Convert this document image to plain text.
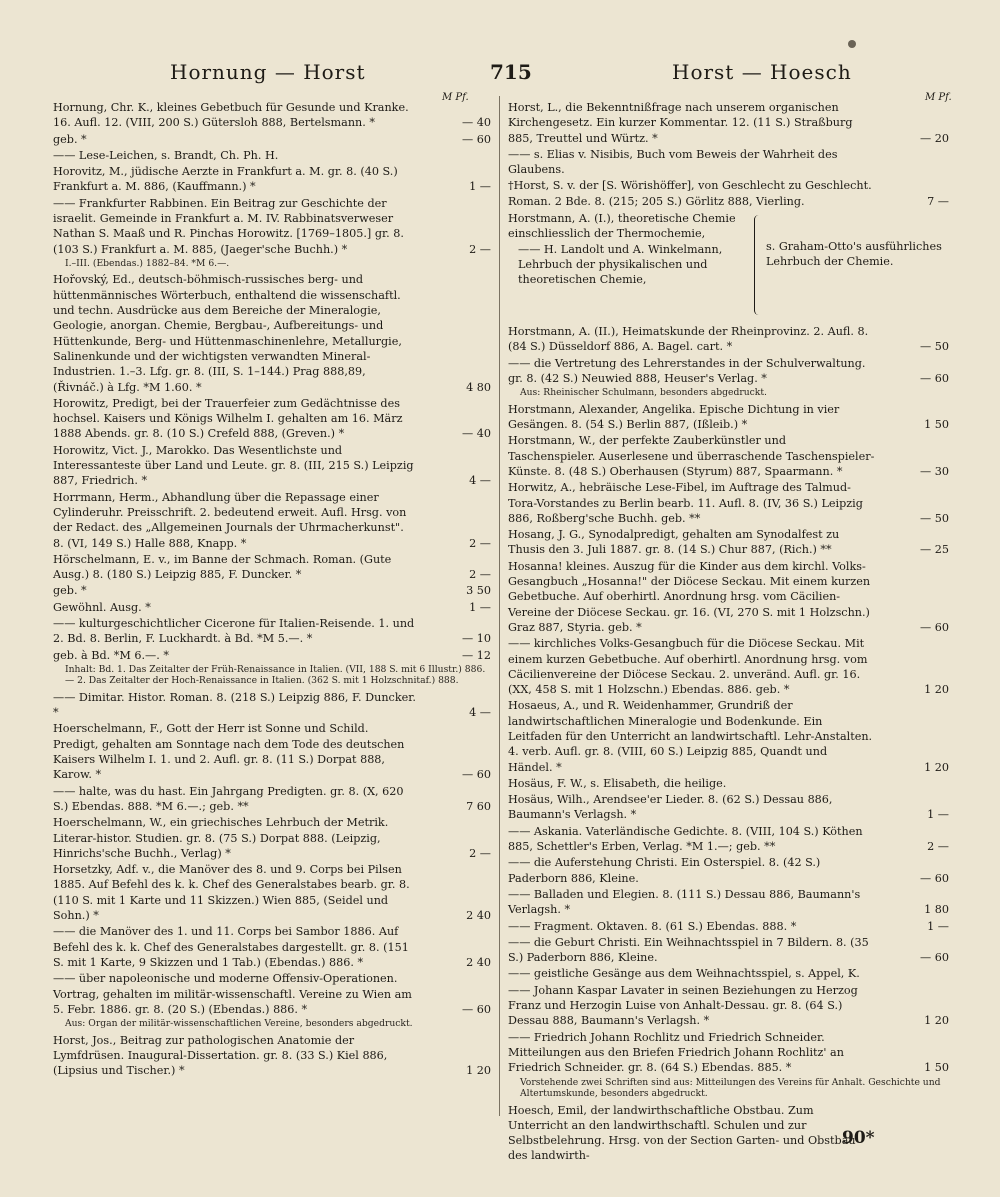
Hornung — Horst	715	Horst — Hoesch
M Pf.	M Pf.
Hornung, Chr. K., kleines Gebetbuch für Gesunde und Kranke. 16. Aufl. 12. (VIII, 200 S.) Gütersloh 888, Bertelsmann. *	— 40
geb. *	— 60
—— Lese-Leichen, s. Brandt, Ch. Ph. H.
Horovitz, M., jüdische Aerzte in Frankfurt a. M. gr. 8. (40 S.) Frankfurt a. M. 886, (Kauffmann.) *	1 —
—— Frankfurter Rabbinen. Ein Beitrag zur Geschichte der israelit. Gemeinde in Frankfurt a. M. IV. Rabbinatsverweser Nathan S. Maaß und R. Pinchas Horowitz. [1769–1805.] gr. 8. (103 S.) Frankfurt a. M. 885, (Jaeger'sche Buchh.) *	2 —
I.–III. (Ebendas.) 1882–84. *M 6.—.
Hořovský, Ed., deutsch-böhmisch-russisches berg- und hüttenmännisches Wörterbuch, enthaltend die wissenschaftl. und techn. Ausdrücke aus dem Bereiche der Mineralogie, Geologie, anorgan. Chemie, Bergbau-, Aufbereitungs- und Hüttenkunde, Berg- und Hüttenmaschinenlehre, Metallurgie, Salinenkunde und der wichtigsten verwandten Mineral-Industrien. 1.–3. Lfg. gr. 8. (III, S. 1–144.) Prag 888,89, (Řivnáč.) à Lfg. *M 1.60. *	4 80
Horowitz, Predigt, bei der Trauerfeier zum Gedächtnisse des hochsel. Kaisers und Königs Wilhelm I. gehalten am 16. März 1888 Abends. gr. 8. (10 S.) Crefeld 888, (Greven.) *	— 40
Horowitz, Vict. J., Marokko. Das Wesentlichste und Interessanteste über Land und Leute. gr. 8. (III, 215 S.) Leipzig 887, Friedrich. *	4 —
Horrmann, Herm., Abhandlung über die Repassage einer Cylinderuhr. Preisschrift. 2. bedeutend erweit. Aufl. Hrsg. von der Redact. des „Allgemeinen Journals der Uhrmacherkunst". 8. (VI, 149 S.) Halle 888, Knapp. *	2 —
Hörschelmann, E. v., im Banne der Schmach. Roman. (Gute Ausg.) 8. (180 S.) Leipzig 885, F. Duncker. *	2 —
geb. *	3 50
Gewöhnl. Ausg. *	1 —
—— kulturgeschichtlicher Cicerone für Italien-Reisende. 1. und 2. Bd. 8. Berlin, F. Luckhardt. à Bd. *M 5.—. *	— 10
geb. à Bd. *M 6.—. *	— 12
Inhalt: Bd. 1. Das Zeitalter der Früh-Renaissance in Italien. (VII, 188 S. mit 6 Illustr.) 886. — 2. Das Zeitalter der Hoch-Renaissance in Italien. (362 S. mit 1 Holzschnitaf.) 888.
—— Dimitar. Histor. Roman. 8. (218 S.) Leipzig 886, F. Duncker. *	4 —
Hoerschelmann, F., Gott der Herr ist Sonne und Schild. Predigt, gehalten am Sonntage nach dem Tode des deutschen Kaisers Wilhelm I. 1. und 2. Aufl. gr. 8. (11 S.) Dorpat 888, Karow. *	— 60
—— halte, was du hast. Ein Jahrgang Predigten. gr. 8. (X, 620 S.) Ebendas. 888. *M 6.—.; geb. **	7 60
Hoerschelmann, W., ein griechisches Lehrbuch der Metrik. Literar-histor. Studien. gr. 8. (75 S.) Dorpat 888. (Leipzig, Hinrichs'sche Buchh., Verlag) *	2 —
Horsetzky, Adf. v., die Manöver des 8. und 9. Corps bei Pilsen 1885. Auf Befehl des k. k. Chef des Generalstabes bearb. gr. 8. (110 S. mit 1 Karte und 11 Skizzen.) Wien 885, (Seidel und Sohn.) *	2 40
—— die Manöver des 1. und 11. Corps bei Sambor 1886. Auf Befehl des k. k. Chef des Generalstabes dargestellt. gr. 8. (151 S. mit 1 Karte, 9 Skizzen und 1 Tab.) (Ebendas.) 886. *	2 40
—— über napoleonische und moderne Offensiv-Operationen. Vortrag, gehalten im militär-wissenschaftl. Vereine zu Wien am 5. Febr. 1886. gr. 8. (20 S.) (Ebendas.) 886. *	— 60
Aus: Organ der militär-wissenschaftlichen Vereine, besonders abgedruckt.
Horst, Jos., Beitrag zur pathologischen Anatomie der Lymfdrüsen. Inaugural-Dissertation. gr. 8. (33 S.) Kiel 886, (Lipsius und Tischer.) *	1 20
Horst, L., die Bekenntnißfrage nach unserem organischen Kirchengesetz. Ein kurzer Kommentar. 12. (11 S.) Straßburg 885, Treuttel und Würtz. *	— 20
—— s. Elias v. Nisibis, Buch vom Beweis der Wahrheit des Glaubens.
†Horst, S. v. der [S. Wörishöffer], von Geschlecht zu Geschlecht. Roman. 2 Bde. 8. (215; 205 S.) Görlitz 888, Vierling.	7 —
Horstmann, A. (I.), theoretische Chemie einschliesslich der Thermochemie,
—— H. Landolt und A. Winkelmann, Lehrbuch der physikalischen und theoretischen Chemie,
s. Graham-Otto's ausführliches Lehrbuch der Chemie.
Horstmann, A. (II.), Heimatskunde der Rheinprovinz. 2. Aufl. 8. (84 S.) Düsseldorf 886, A. Bagel. cart. *	— 50
—— die Vertretung des Lehrerstandes in der Schulverwaltung. gr. 8. (42 S.) Neuwied 888, Heuser's Verlag. *	— 60
Aus: Rheinischer Schulmann, besonders abgedruckt.
Horstmann, Alexander, Angelika. Epische Dichtung in vier Gesängen. 8. (54 S.) Berlin 887, (Ißleib.) *	1 50
Horstmann, W., der perfekte Zauberkünstler und Taschenspieler. Auserlesene und überraschende Taschenspieler-Künste. 8. (48 S.) Oberhausen (Styrum) 887, Spaarmann. *	— 30
Horwitz, A., hebräische Lese-Fibel, im Auftrage des Talmud-Tora-Vorstandes zu Berlin bearb. 11. Aufl. 8. (IV, 36 S.) Leipzig 886, Roßberg'sche Buchh. geb. **	— 50
Hosang, J. G., Synodalpredigt, gehalten am Synodalfest zu Thusis den 3. Juli 1887. gr. 8. (14 S.) Chur 887, (Rich.) **	— 25
Hosanna! kleines. Auszug für die Kinder aus dem kirchl. Volks-Gesangbuch „Hosanna!" der Diöcese Seckau. Mit einem kurzen Gebetbuche. Auf oberhirtl. Anordnung hrsg. vom Cäcilien-Vereine der Diöcese Seckau. gr. 16. (VI, 270 S. mit 1 Holzschn.) Graz 887, Styria. geb. *	— 60
—— kirchliches Volks-Gesangbuch für die Diöcese Seckau. Mit einem kurzen Gebetbuche. Auf oberhirtl. Anordnung hrsg. vom Cäcilienvereine der Diöcese Seckau. 2. unveränd. Aufl. gr. 16. (XX, 458 S. mit 1 Holzschn.) Ebendas. 886. geb. *	1 20
Hosaeus, A., und R. Weidenhammer, Grundriß der landwirtschaftlichen Mineralogie und Bodenkunde. Ein Leitfaden für den Unterricht an landwirtschaftl. Lehr-Anstalten. 4. verb. Aufl. gr. 8. (VIII, 60 S.) Leipzig 885, Quandt und Händel. *	1 20
Hosäus, F. W., s. Elisabeth, die heilige.
Hosäus, Wilh., Arendsee'er Lieder. 8. (62 S.) Dessau 886, Baumann's Verlagsh. *	1 —
—— Askania. Vaterländische Gedichte. 8. (VIII, 104 S.) Köthen 885, Schettler's Erben, Verlag. *M 1.—; geb. **	2 —
—— die Auferstehung Christi. Ein Osterspiel. 8. (42 S.) Paderborn 886, Kleine.	— 60
—— Balladen und Elegien. 8. (111 S.) Dessau 886, Baumann's Verlagsh. *	1 80
—— Fragment. Oktaven. 8. (61 S.) Ebendas. 888. *	1 —
—— die Geburt Christi. Ein Weihnachtsspiel in 7 Bildern. 8. (35 S.) Paderborn 886, Kleine.	— 60
—— geistliche Gesänge aus dem Weihnachtsspiel, s. Appel, K.
—— Johann Kaspar Lavater in seinen Beziehungen zu Herzog Franz und Herzogin Luise von Anhalt-Dessau. gr. 8. (64 S.) Dessau 888, Baumann's Verlagsh. *	1 20
—— Friedrich Johann Rochlitz und Friedrich Schneider. Mitteilungen aus den Briefen Friedrich Johann Rochlitz' an Friedrich Schneider. gr. 8. (64 S.) Ebendas. 885. *	1 50
Vorstehende zwei Schriften sind aus: Mitteilungen des Vereins für Anhalt. Geschichte und Altertumskunde, besonders abgedruckt.
Hoesch, Emil, der landwirthschaftliche Obstbau. Zum Unterricht an den landwirthschaftl. Schulen und zur Selbstbelehrung. Hrsg. von der Section Garten- und Obstbau des landwirth-
90*
